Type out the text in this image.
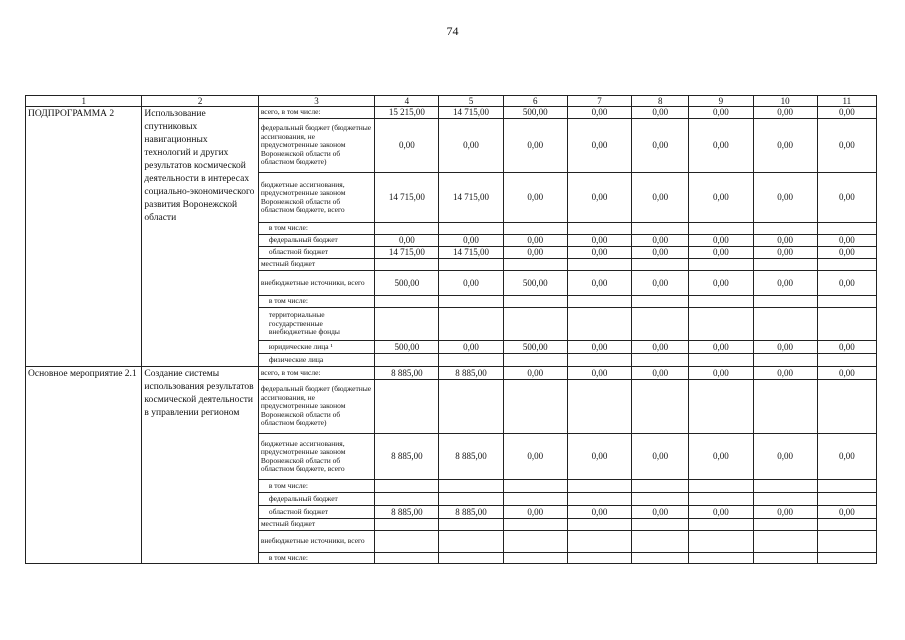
74
1	2	3	4	5	6	7	8	9	10	11
ПОДПРОГРАММА 2	Использование спутниковых навигационных технологий и других результатов космической деятельности в интересах социально-экономического развития Воронежской области	всего, в том числе:	15 215,00	14 715,00	500,00	0,00	0,00	0,00	0,00	0,00
		федеральный бюджет (бюджетные ассигнования, не предусмотренные законом Воронежской области об областном бюджете)	0,00	0,00	0,00	0,00	0,00	0,00	0,00	0,00
		бюджетные ассигнования, предусмотренные законом Воронежской области об областном бюджете, всего	14 715,00	14 715,00	0,00	0,00	0,00	0,00	0,00	0,00
		в том числе:								
		федеральный бюджет	0,00	0,00	0,00	0,00	0,00	0,00	0,00	0,00
		областной бюджет	14 715,00	14 715,00	0,00	0,00	0,00	0,00	0,00	0,00
		местный бюджет								
		внебюджетные источники, всего	500,00	0,00	500,00	0,00	0,00	0,00	0,00	0,00
		в том числе:								
		территориальные государственные внебюджетные фонды								
		юридические лица ¹	500,00	0,00	500,00	0,00	0,00	0,00	0,00	0,00
		физические лица								
Основное мероприятие 2.1	Создание системы использования результатов космической деятельности в управлении регионом	всего, в том числе:	8 885,00	8 885,00	0,00	0,00	0,00	0,00	0,00	0,00
		федеральный бюджет (бюджетные ассигнования, не предусмотренные законом Воронежской области об областном бюджете)								
		бюджетные ассигнования, предусмотренные законом Воронежской области об областном бюджете, всего	8 885,00	8 885,00	0,00	0,00	0,00	0,00	0,00	0,00
		в том числе:								
		федеральный бюджет								
		областной бюджет	8 885,00	8 885,00	0,00	0,00	0,00	0,00	0,00	0,00
		местный бюджет								
		внебюджетные источники, всего								
		в том числе:								
